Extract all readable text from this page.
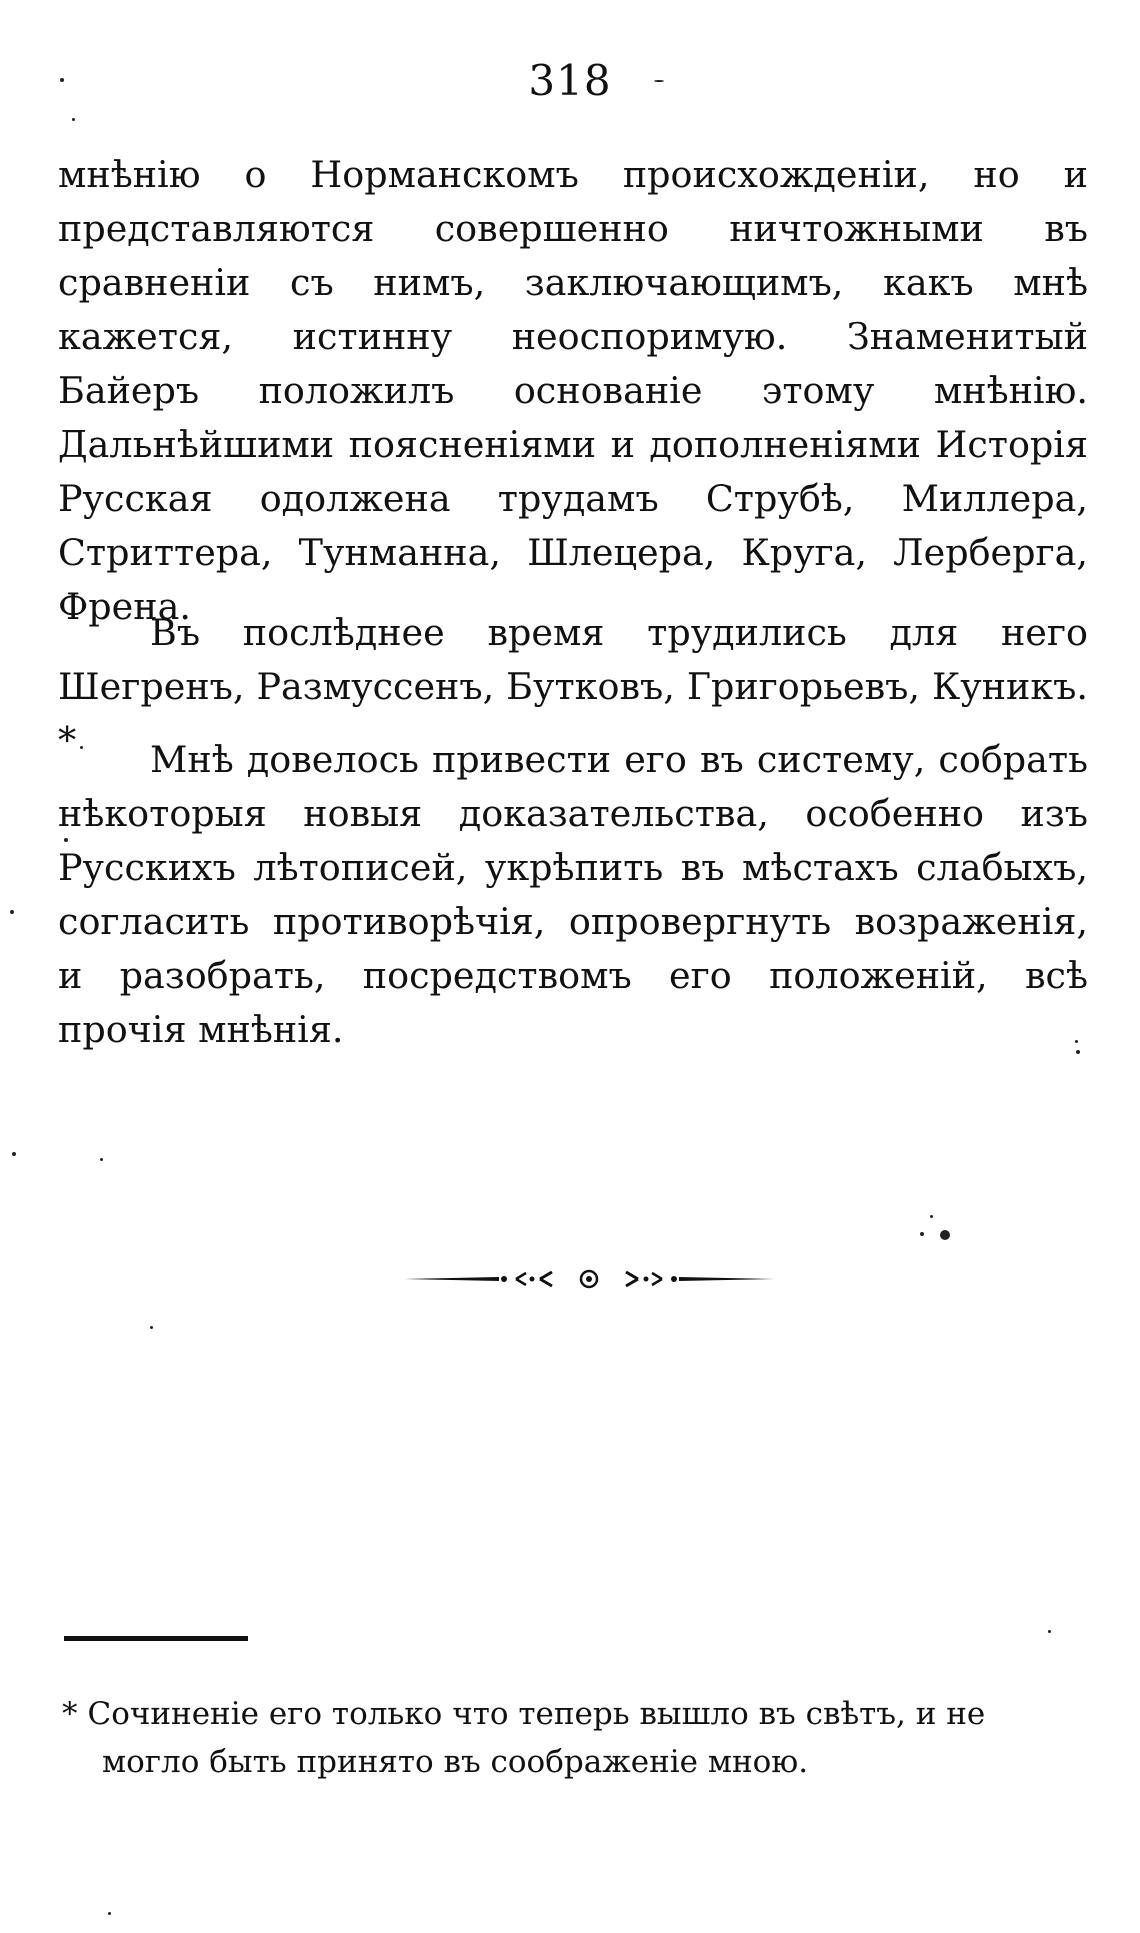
318

мнѣнію о Норманскомъ происхожденіи, но и представляются совершенно ничтожными въ сравненіи съ нимъ, заключающимъ, какъ мнѣ кажется, истинну неоспоримую. Знаменитый Байеръ положилъ основаніе этому мнѣнію. Дальнѣйшими поясненіями и дополненіями Исторія Русская одолжена трудамъ Струбѣ, Миллера, Стриттера, Тунманна, Шлецера, Круга, Лерберга, Френа.

Въ послѣднее время трудились для него Шегренъ, Размуссенъ, Бутковъ, Григорьевъ, Куникъ. *	Мнѣ довелось привести его въ систему, собрать нѣкоторыя новыя доказательства, особенно изъ Русскихъ лѣтописей, укрѣпить въ мѣстахъ слабыхъ, согласить противорѣчія, опровергнуть возраженія, и разобрать, посредствомъ его положеній, всѣ прочія мнѣнія.

* Сочиненіе его только что теперь вышло въ свѣтъ, и не
могло быть принято въ соображеніе мною.
